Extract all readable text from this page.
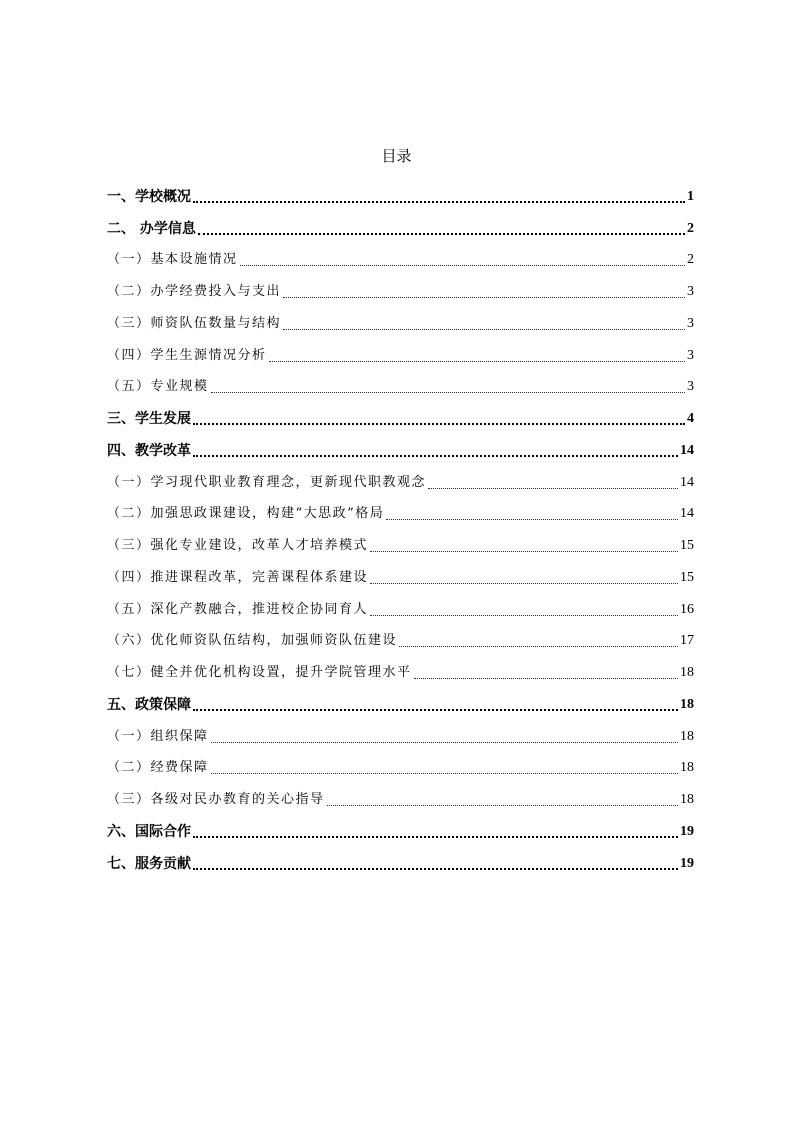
目录
一、学校概况	1
二、 办学信息	2
（一）基本设施情况	2
（二）办学经费投入与支出	3
（三）师资队伍数量与结构	3
（四）学生生源情况分析	3
（五）专业规模	3
三、学生发展	4
四、教学改革	14
（一）学习现代职业教育理念，更新现代职教观念	14
（二）加强思政课建设，构建“大思政”格局	14
（三）强化专业建设，改革人才培养模式	15
（四）推进课程改革，完善课程体系建设	15
（五）深化产教融合，推进校企协同育人	16
（六）优化师资队伍结构，加强师资队伍建设	17
（七）健全并优化机构设置，提升学院管理水平	18
五、政策保障	18
（一）组织保障	18
（二）经费保障	18
（三）各级对民办教育的关心指导	18
六、国际合作	19
七、服务贡献	19
